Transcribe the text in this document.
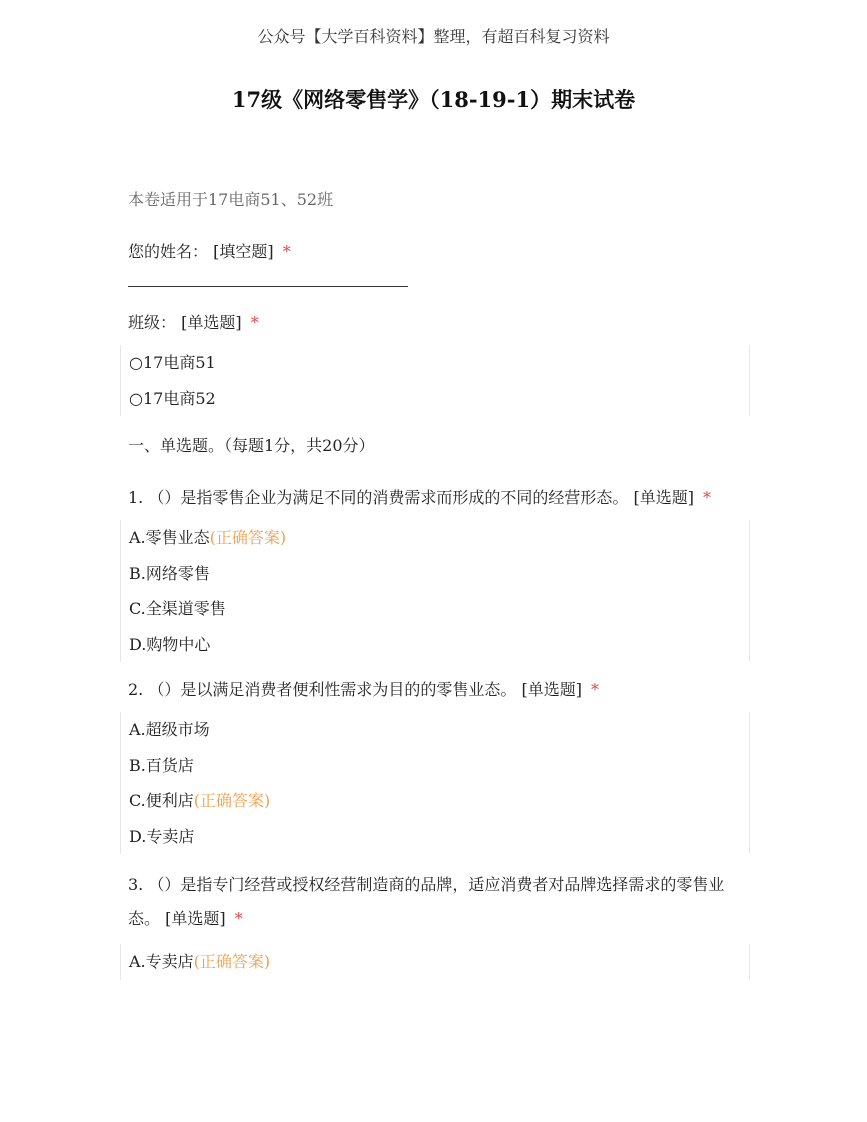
公众号【大学百科资料】整理，有超百科复习资料
17级《网络零售学》（18-19-1）期末试卷
本卷适用于17电商51、52班
您的姓名： [填空题] *
班级： [单选题] *
○17电商51
○17电商52
一、单选题。（每题1分，共20分）
1. （）是指零售企业为满足不同的消费需求而形成的不同的经营形态。 [单选题] *
A.零售业态(正确答案)
B.网络零售
C.全渠道零售
D.购物中心
2. （）是以满足消费者便利性需求为目的的零售业态。 [单选题] *
A.超级市场
B.百货店
C.便利店(正确答案)
D.专卖店
3. （）是指专门经营或授权经营制造商的品牌，适应消费者对品牌选择需求的零售业态。 [单选题] *
A.专卖店(正确答案)
